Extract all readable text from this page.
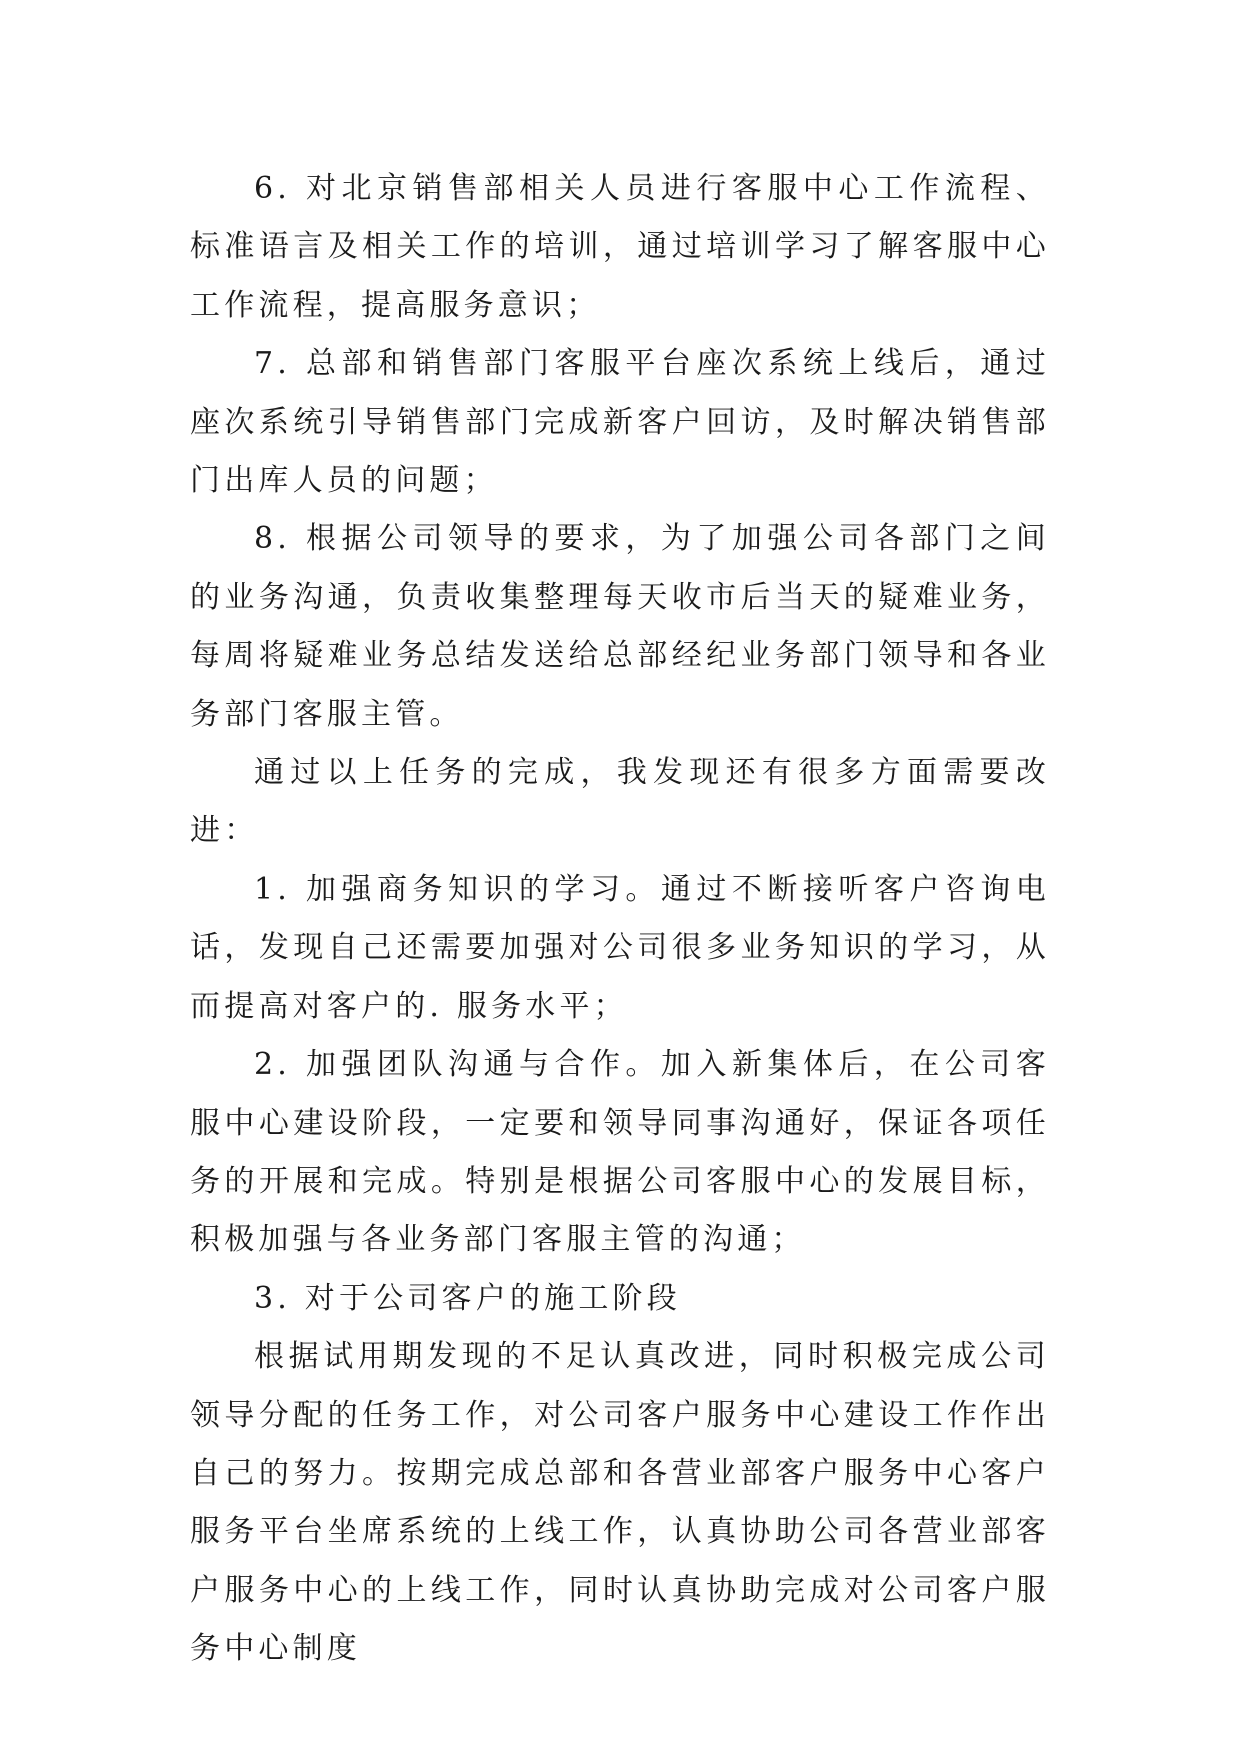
6. 对北京销售部相关人员进行客服中心工作流程、标准语言及相关工作的培训，通过培训学习了解客服中心工作流程，提高服务意识；

7. 总部和销售部门客服平台座次系统上线后，通过座次系统引导销售部门完成新客户回访，及时解决销售部门出库人员的问题；

8. 根据公司领导的要求，为了加强公司各部门之间的业务沟通，负责收集整理每天收市后当天的疑难业务，每周将疑难业务总结发送给总部经纪业务部门领导和各业务部门客服主管。

通过以上任务的完成，我发现还有很多方面需要改进：

1. 加强商务知识的学习。通过不断接听客户咨询电话，发现自己还需要加强对公司很多业务知识的学习，从而提高对客户的. 服务水平；

2. 加强团队沟通与合作。加入新集体后，在公司客服中心建设阶段，一定要和领导同事沟通好，保证各项任务的开展和完成。特别是根据公司客服中心的发展目标，积极加强与各业务部门客服主管的沟通；

3. 对于公司客户的施工阶段

根据试用期发现的不足认真改进，同时积极完成公司领导分配的任务工作，对公司客户服务中心建设工作作出自己的努力。按期完成总部和各营业部客户服务中心客户服务平台坐席系统的上线工作，认真协助公司各营业部客户服务中心的上线工作，同时认真协助完成对公司客户服务中心制度
